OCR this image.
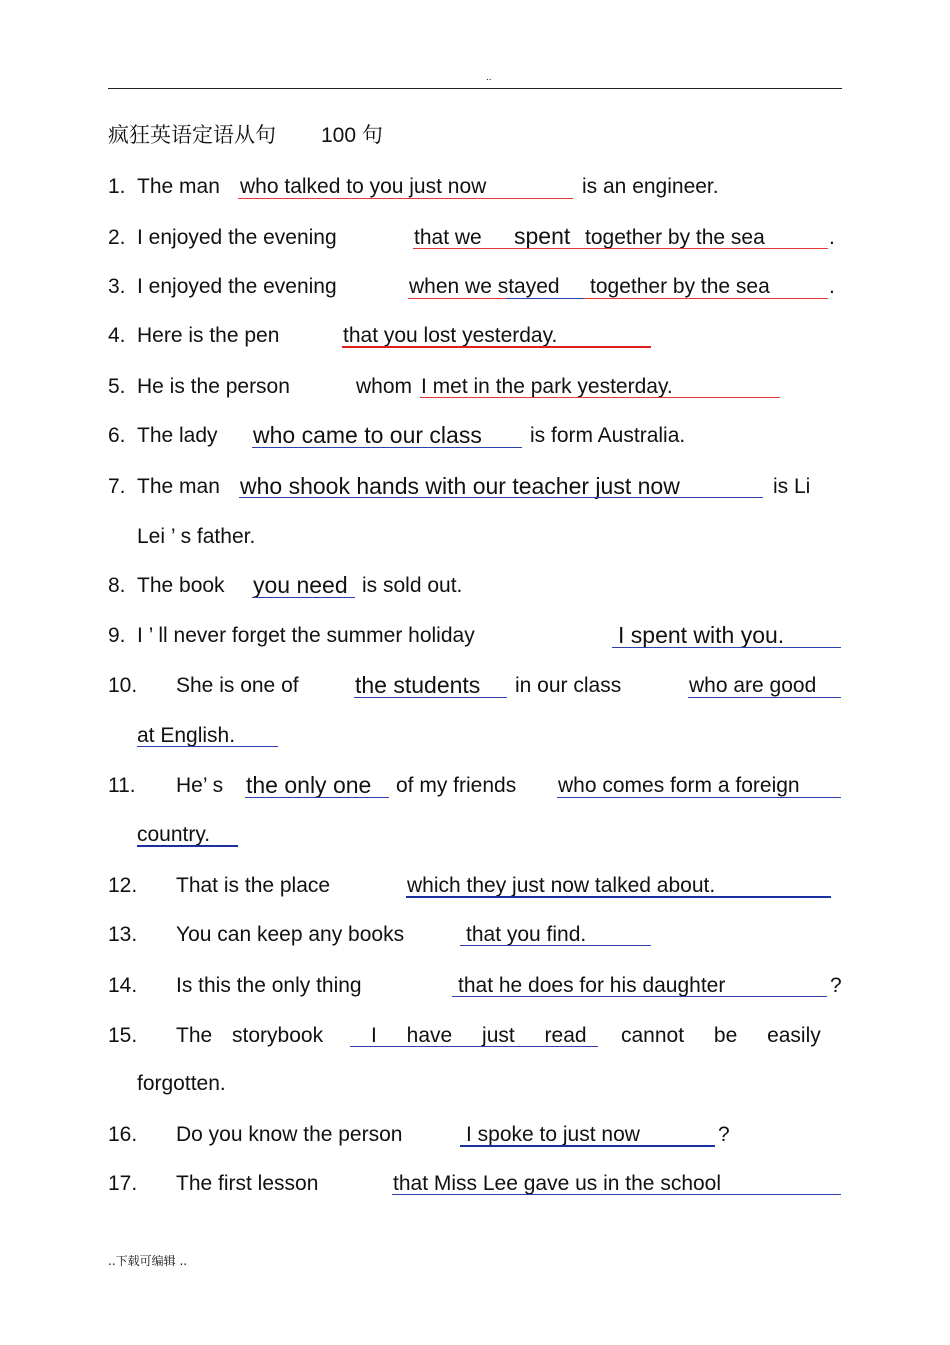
..
疯狂英语定语从句 100 句
1. The man who talked to you just now	is an engineer.
2. I enjoyed the evening	that we spent together by the sea	.
3. I enjoyed the evening	when we stayed together by the sea	.
4. Here is the pen	that you lost yesterday.
5. He is the person	whom I met in the park yesterday.
6. The lady who came to our class is form Australia.
7. The man who shook hands with our teacher just now	is Li
Lei ’ s father.
8. The book you need is sold out.
9. I ’ ll never forget the summer holiday	I spent with you.
10. She is one of the students in our class	who are good
at English.
11. He’ s the only one of my friends who comes form a foreign
country.
12. That is the place	which they just now talked about.
13. You can keep any books	that you find.
14. Is this the only thing	that he does for his daughter	?
15. The storybook I have just read cannot be easily
forgotten.
16. Do you know the person	I spoke to just now	?
17. The first lesson	that Miss Lee gave us in the school
..下载可编辑 ..
